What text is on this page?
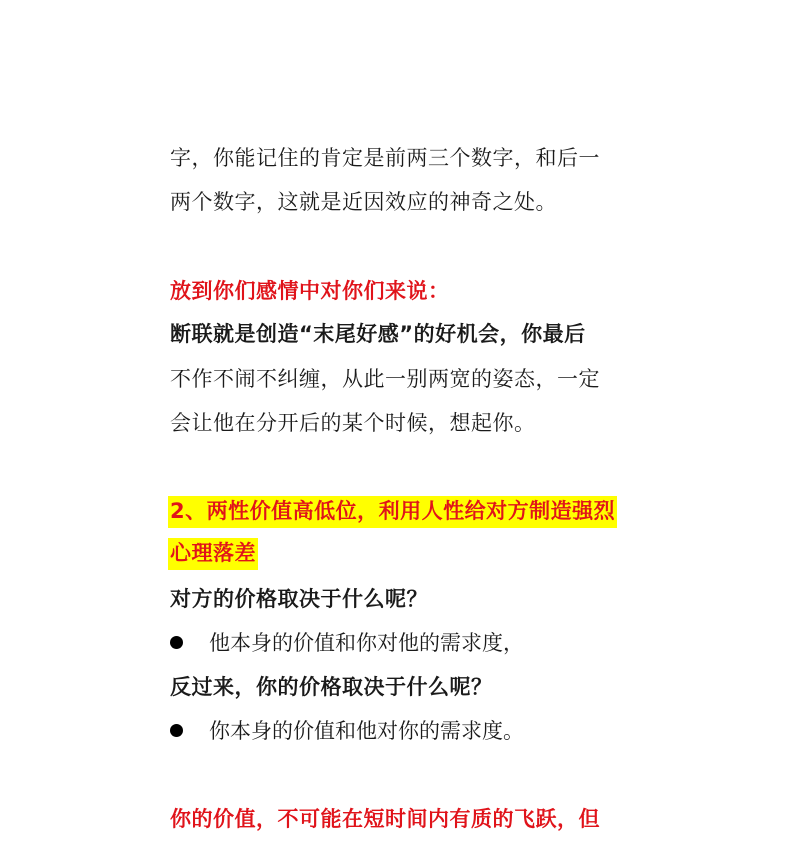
字，你能记住的肯定是前两三个数字，和后一
两个数字，这就是近因效应的神奇之处。
放到你们感情中对你们来说：
断联就是创造“末尾好感”的好机会，你最后
不作不闹不纠缠，从此一别两宽的姿态，一定
会让他在分开后的某个时候，想起你。
2、两性价值高低位，利用人性给对方制造强烈
心理落差
对方的价格取决于什么呢？
他本身的价值和你对他的需求度，
反过来，你的价格取决于什么呢？
你本身的价值和他对你的需求度。
你的价值，不可能在短时间内有质的飞跃，但
